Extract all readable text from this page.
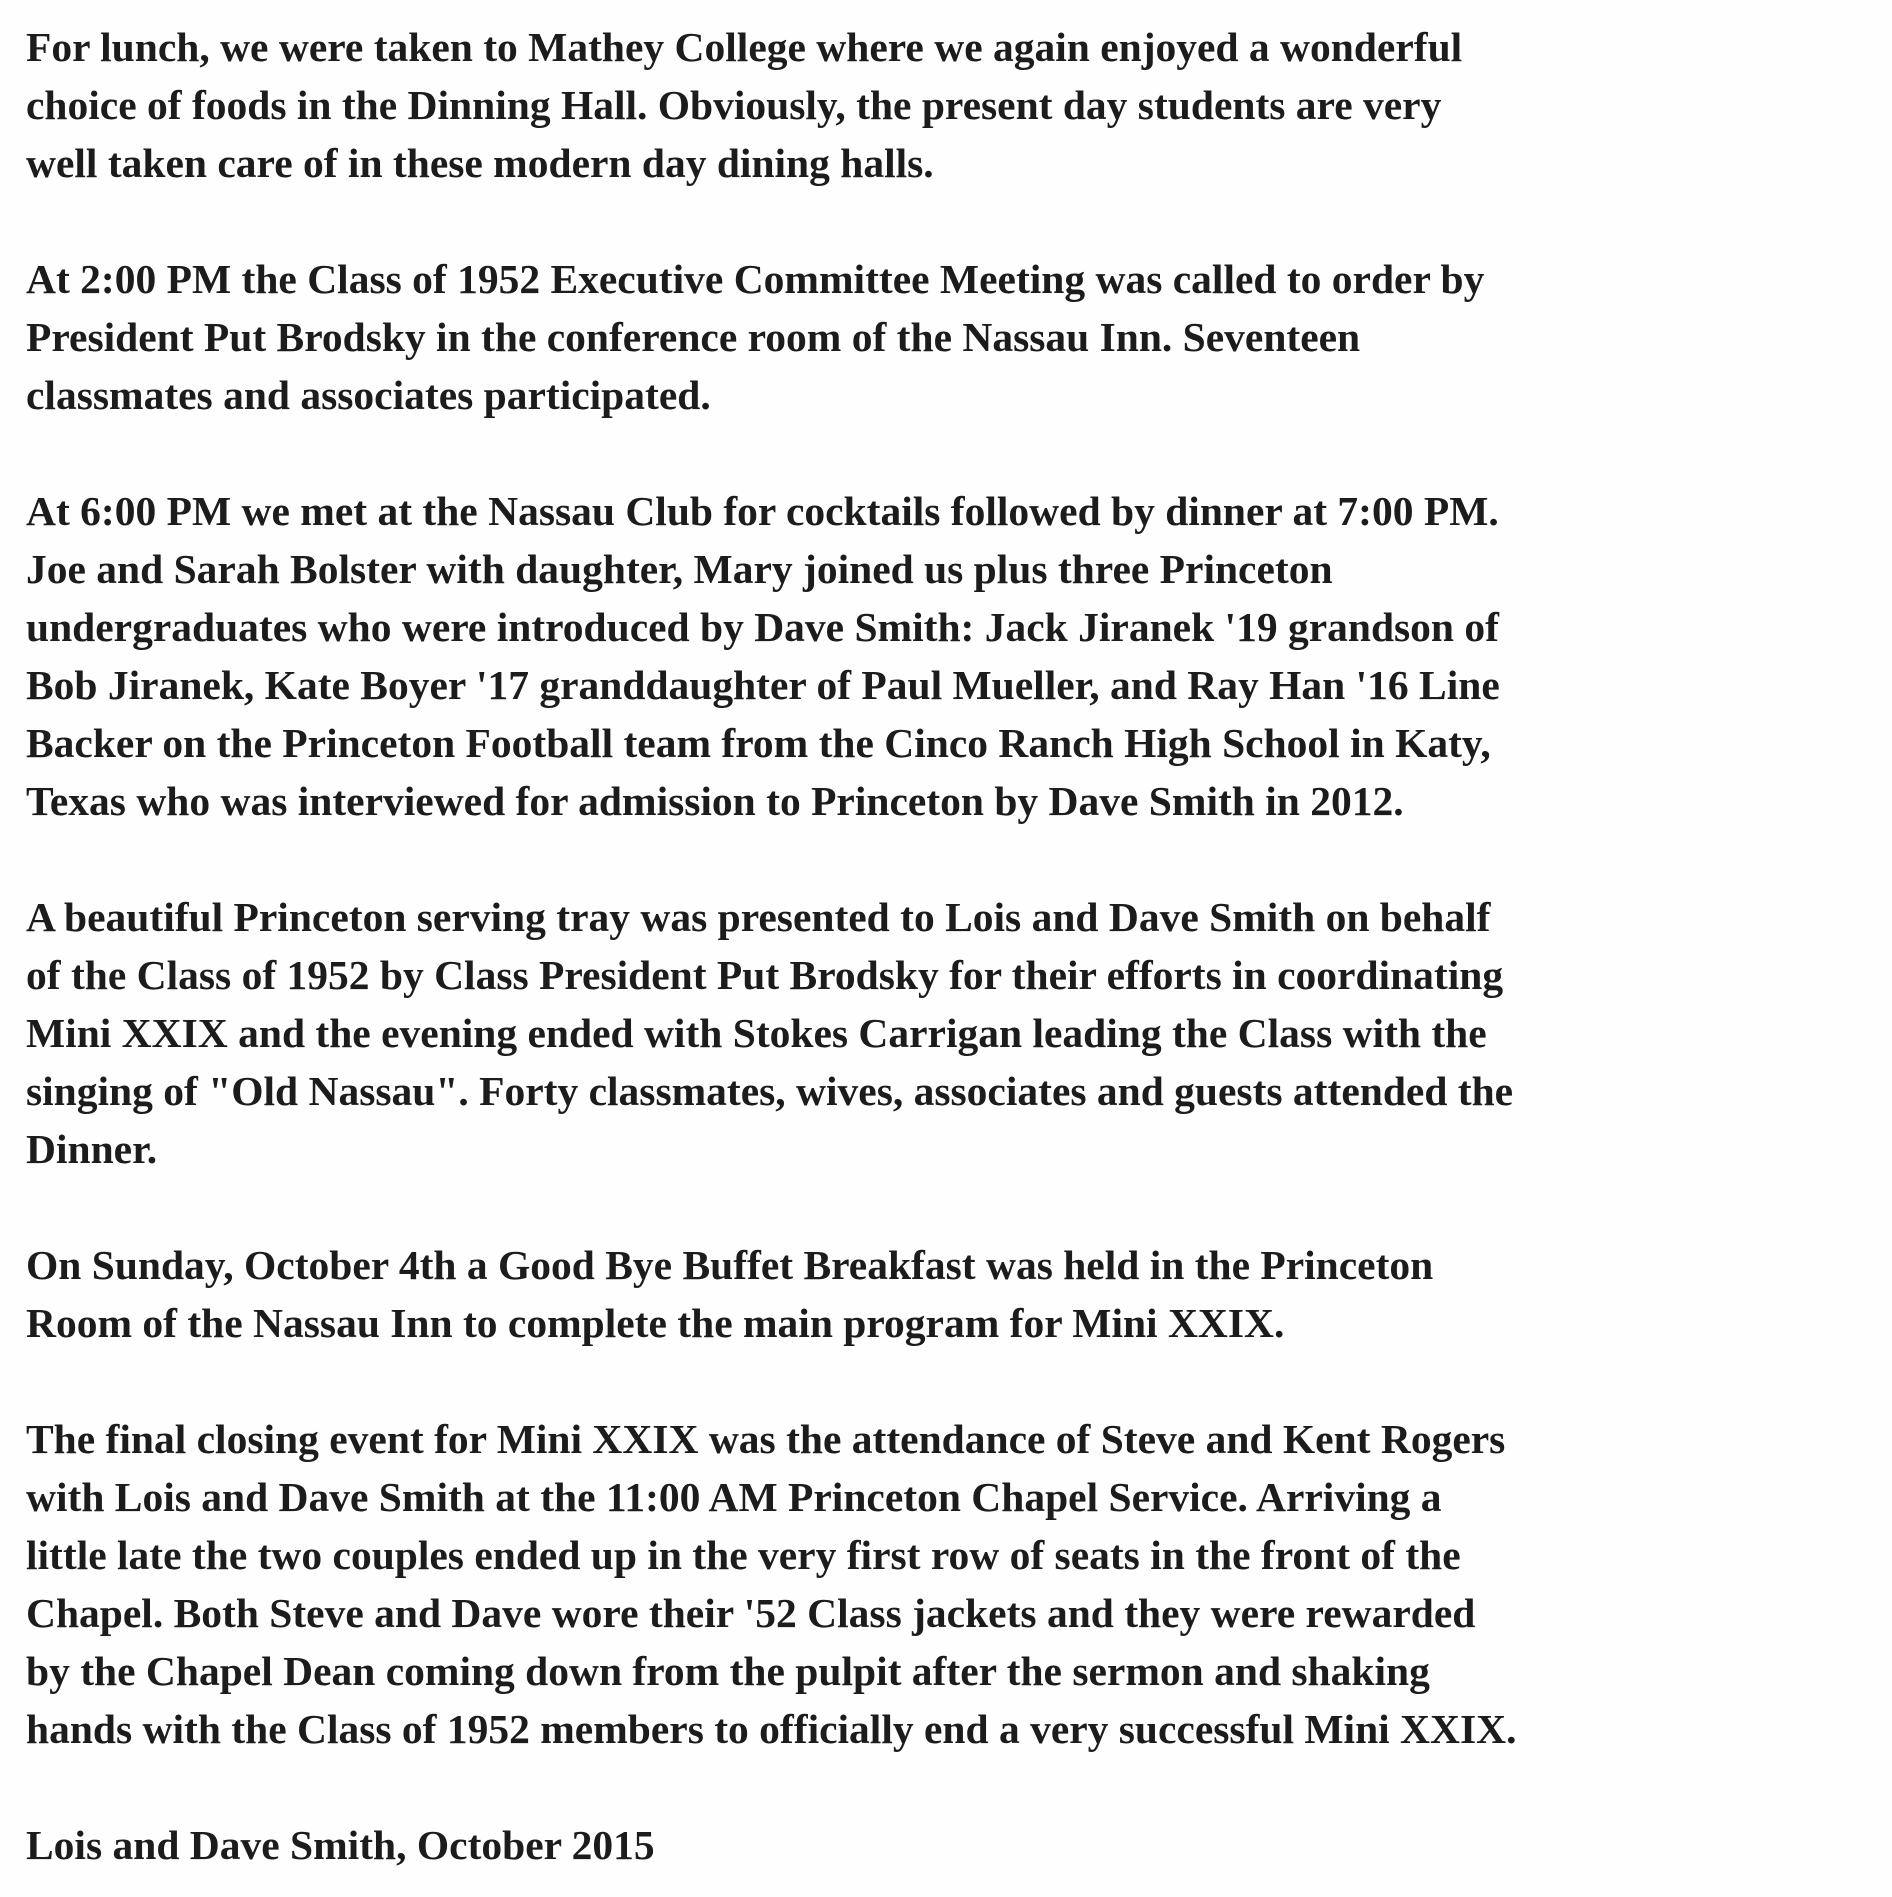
For lunch, we were taken to Mathey College where we again enjoyed a wonderful
choice of foods in the Dinning Hall. Obviously, the present day students are very
well taken care of in these modern day dining halls.

At 2:00 PM the Class of 1952 Executive Committee Meeting was called to order by
President Put Brodsky in the conference room of the Nassau Inn. Seventeen
classmates and associates participated.

At 6:00 PM we met at the Nassau Club for cocktails followed by dinner at 7:00 PM.
Joe and Sarah Bolster with daughter, Mary joined us plus three Princeton
undergraduates who were introduced by Dave Smith: Jack Jiranek '19 grandson of
Bob Jiranek, Kate Boyer '17 granddaughter of Paul Mueller, and Ray Han '16 Line
Backer on the Princeton Football team from the Cinco Ranch High School in Katy,
Texas who was interviewed for admission to Princeton by Dave Smith in 2012.

A beautiful Princeton serving tray was presented to Lois and Dave Smith on behalf
of the Class of 1952 by Class President Put Brodsky for their efforts in coordinating
Mini XXIX and the evening ended with Stokes Carrigan leading the Class with the
singing of "Old Nassau". Forty classmates, wives, associates and guests attended the
Dinner.

On Sunday, October 4th a Good Bye Buffet Breakfast was held in the Princeton
Room of the Nassau Inn to complete the main program for Mini XXIX.

The final closing event for Mini XXIX was the attendance of Steve and Kent Rogers
with Lois and Dave Smith at the 11:00 AM Princeton Chapel Service. Arriving a
little late the two couples ended up in the very first row of seats in the front of the
Chapel. Both Steve and Dave wore their '52 Class jackets and they were rewarded
by the Chapel Dean coming down from the pulpit after the sermon and shaking
hands with the Class of 1952 members to officially end a very successful Mini XXIX.

Lois and Dave Smith, October 2015
